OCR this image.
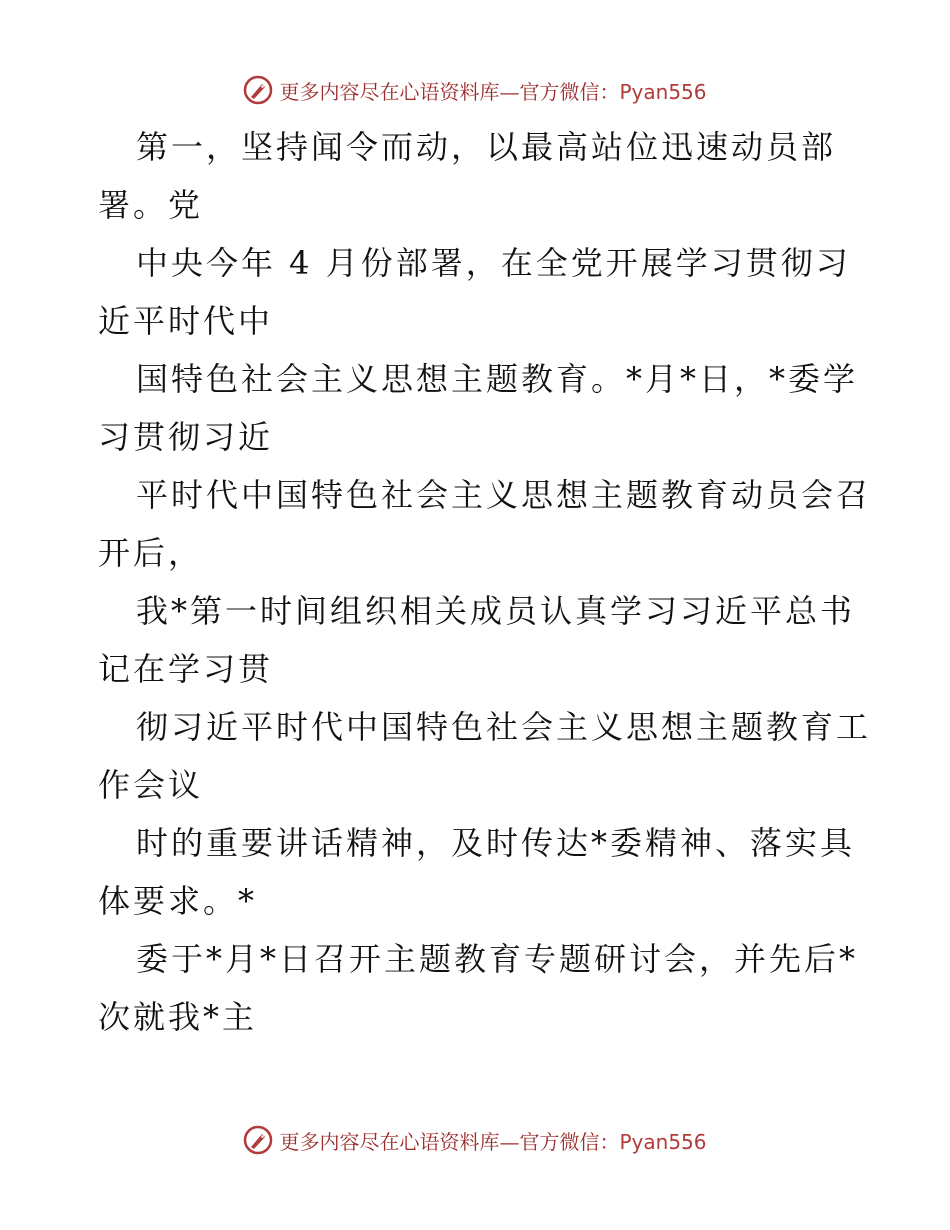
更多内容尽在心语资料库—官方微信：Pyan556
第一，坚持闻令而动，以最高站位迅速动员部
署。党
中央今年 4 月份部署，在全党开展学习贯彻习
近平时代中
国特色社会主义思想主题教育。*月*日，*委学
习贯彻习近
平时代中国特色社会主义思想主题教育动员会召
开后，
我*第一时间组织相关成员认真学习习近平总书
记在学习贯
彻习近平时代中国特色社会主义思想主题教育工
作会议
时的重要讲话精神，及时传达*委精神、落实具
体要求。*
委于*月*日召开主题教育专题研讨会，并先后*
次就我*主
更多内容尽在心语资料库—官方微信：Pyan556
